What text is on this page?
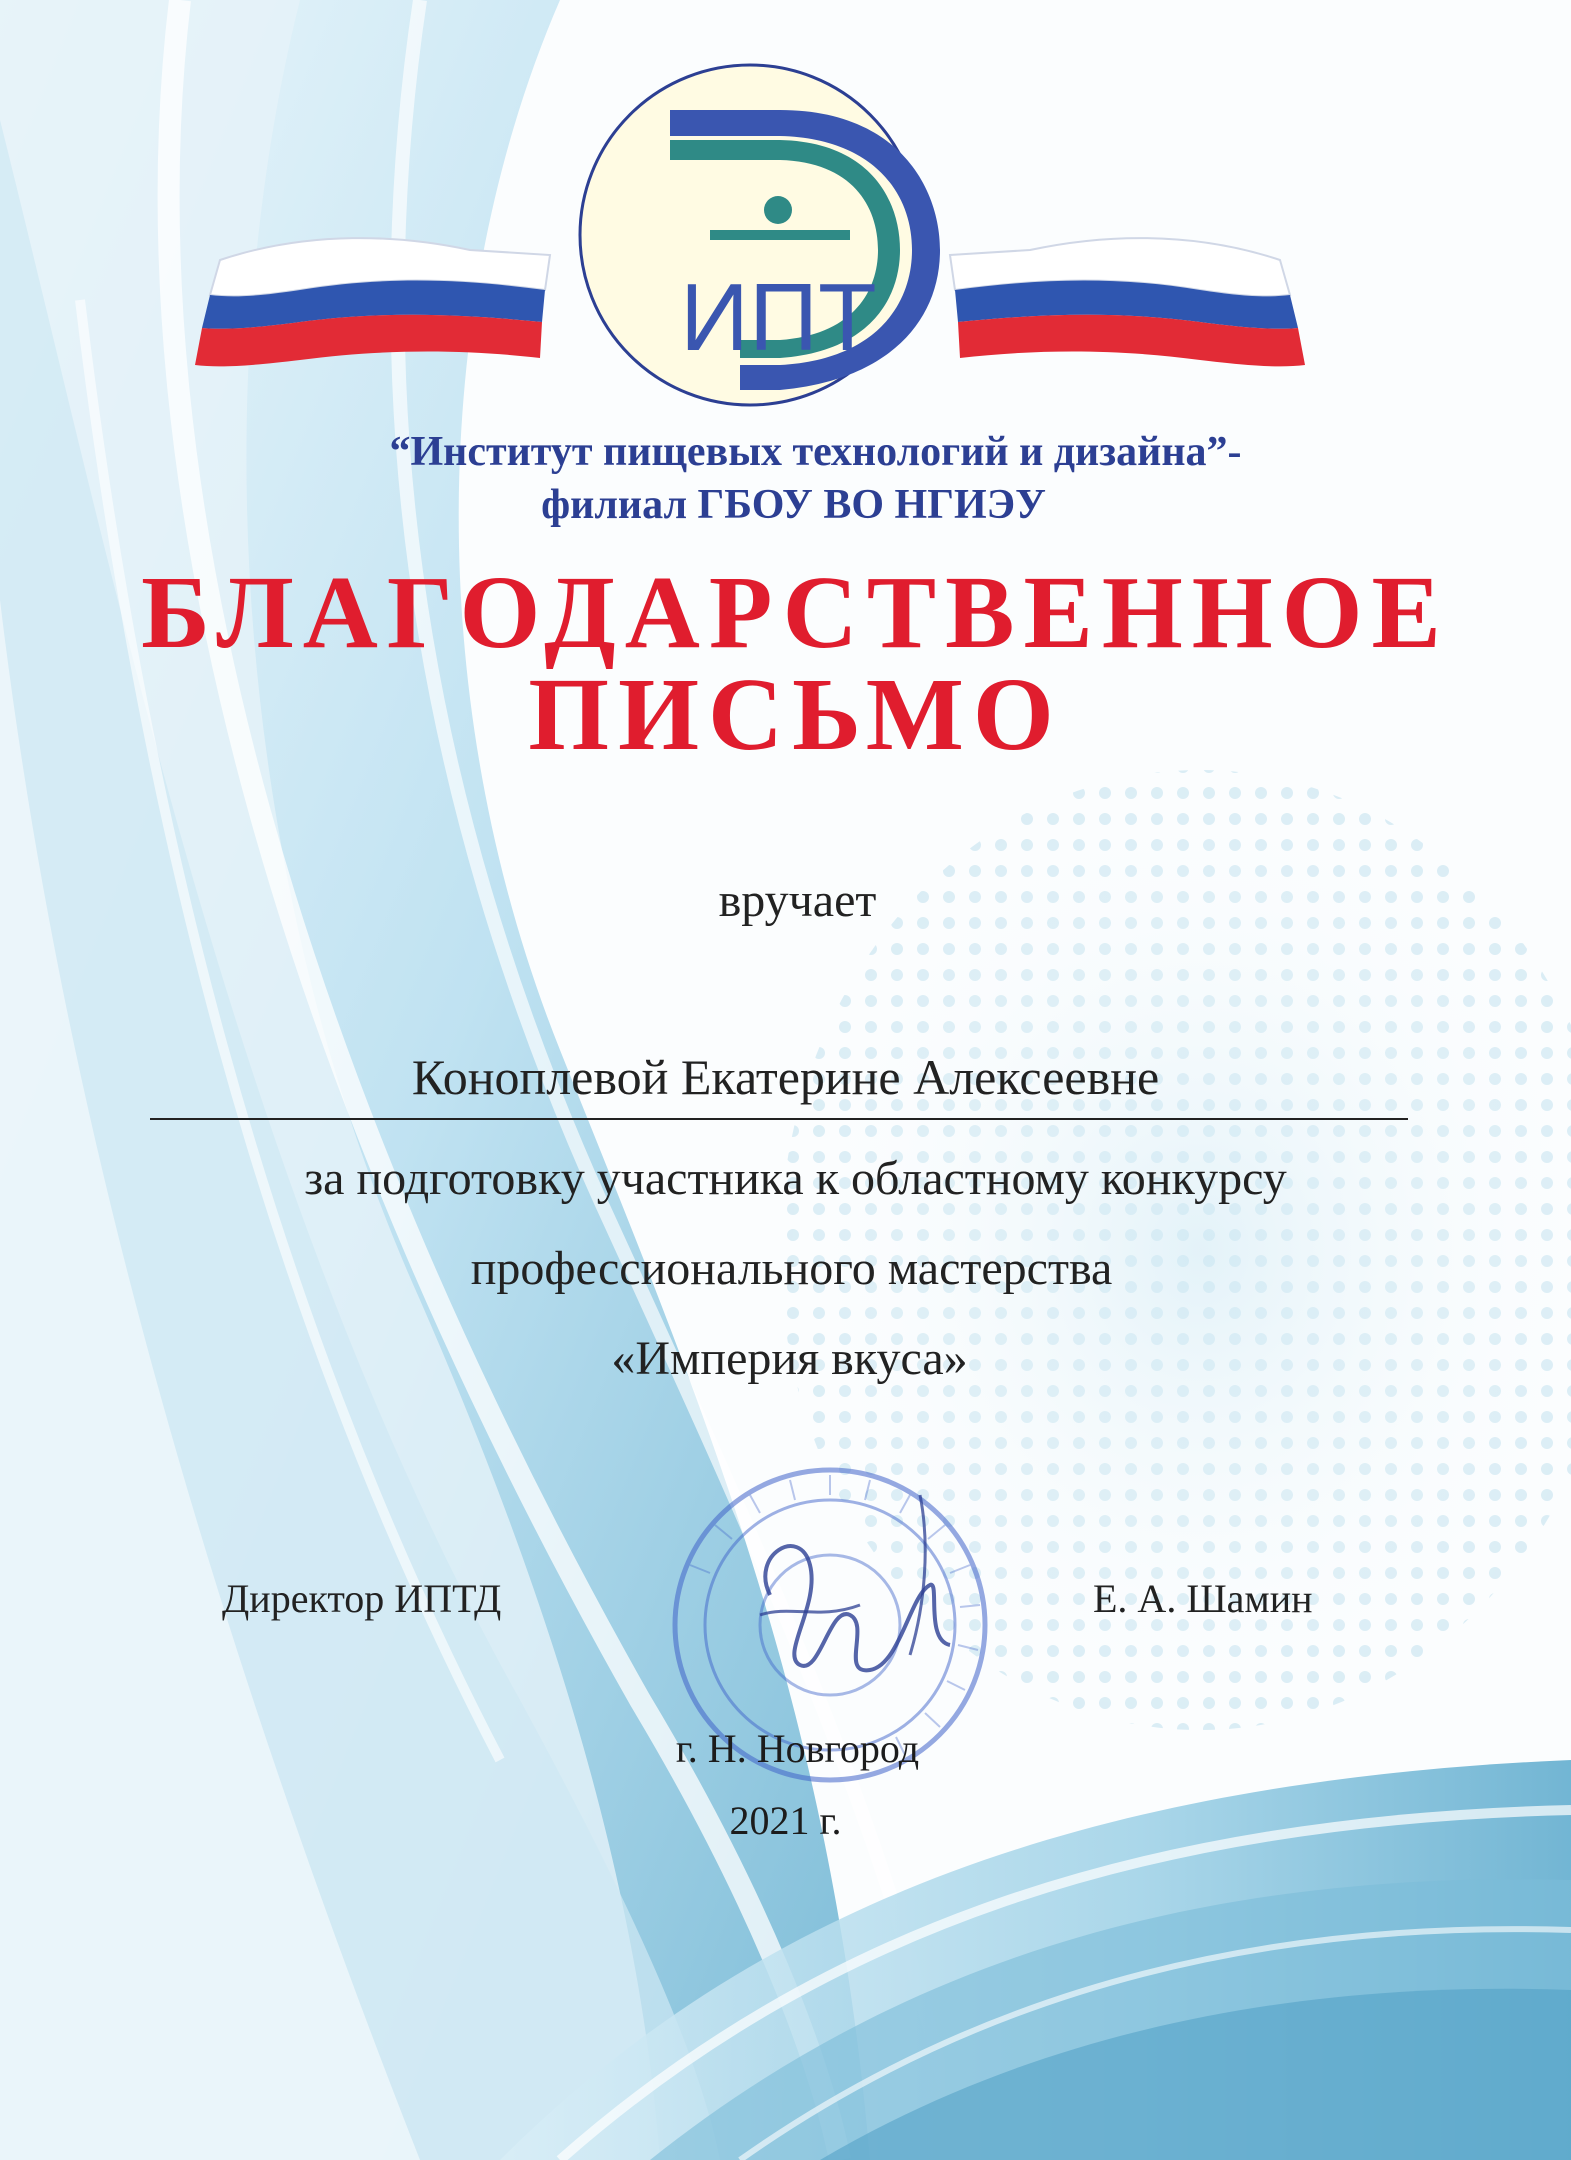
ИПТ
“Институт пищевых технологий и дизайна”-
филиал ГБОУ ВО НГИЭУ
БЛАГОДАРСТВЕННОЕ
ПИСЬМО
вручает
Коноплевой Екатерине Алексеевне
за подготовку участника к областному конкурсу
профессионального мастерства
«Империя вкуса»
Директор ИПТД	Е. А. Шамин
г. Н. Новгород
2021 г.
